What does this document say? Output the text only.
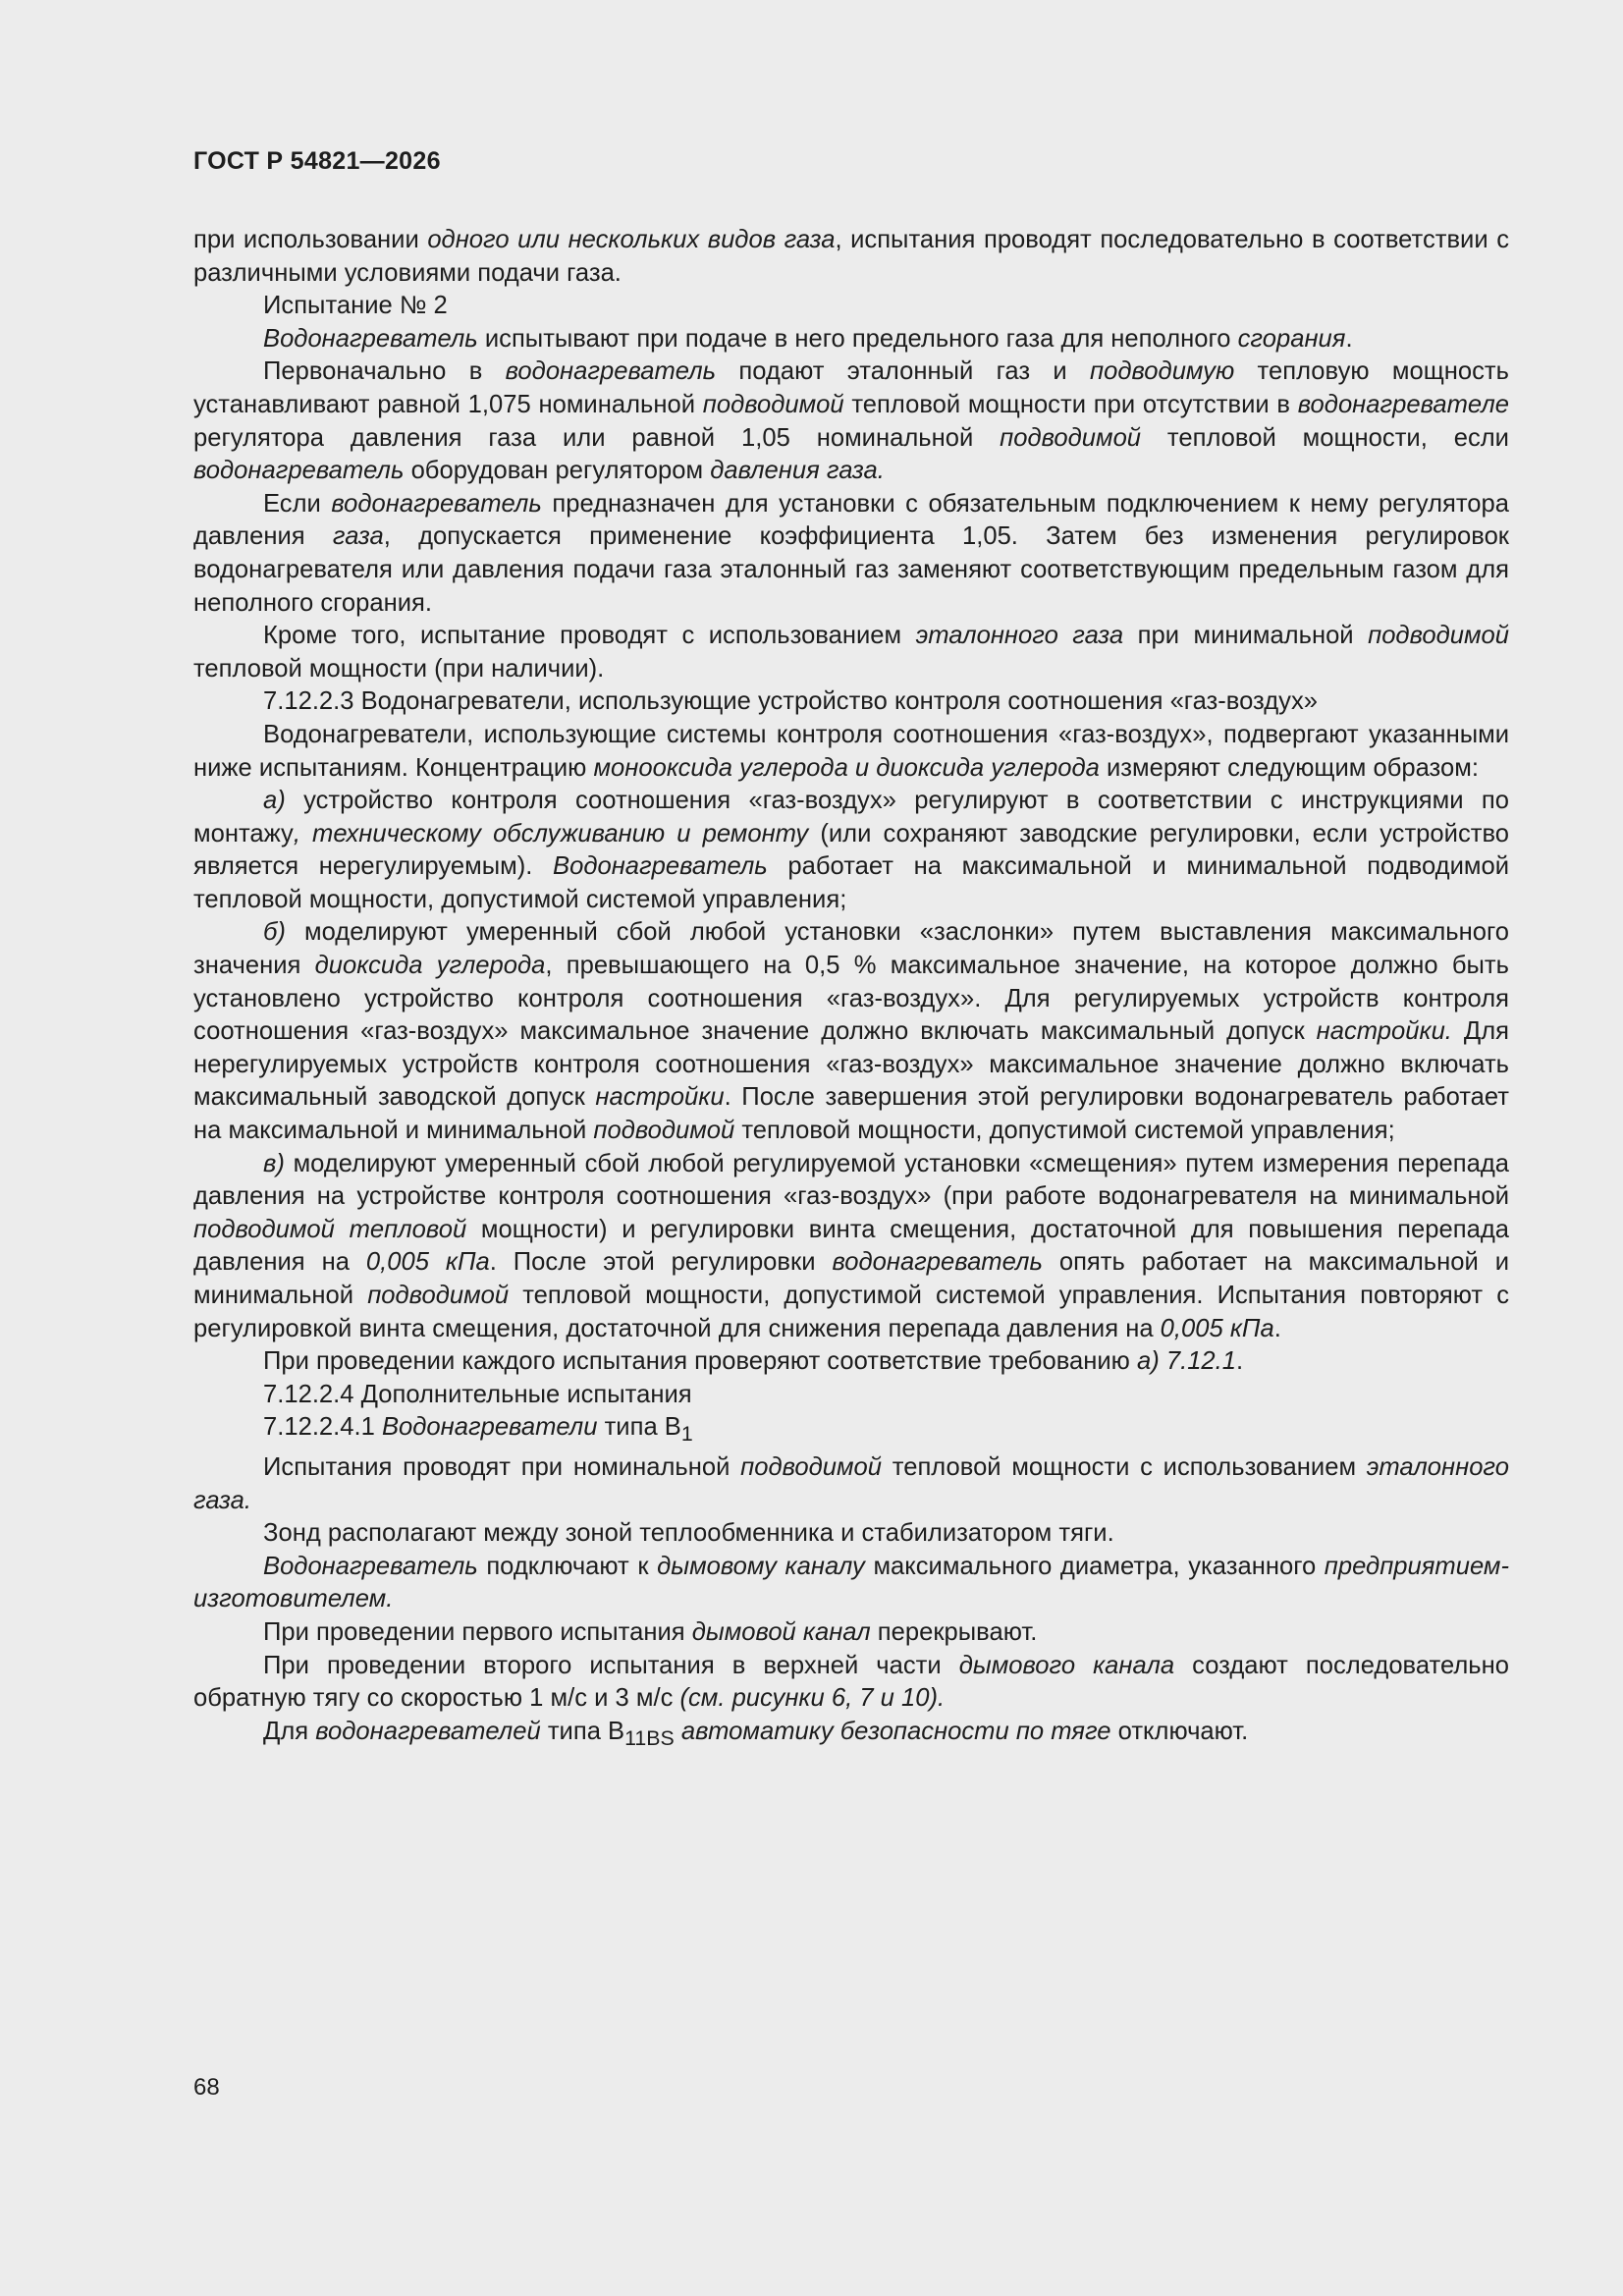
ГОСТ Р 54821—2026

при использовании одного или нескольких видов газа, испытания проводят последовательно в соответствии с различными условиями подачи газа.

Испытание № 2

Водонагреватель испытывают при подаче в него предельного газа для неполного сгорания.

Первоначально в водонагреватель подают эталонный газ и подводимую тепловую мощность устанавливают равной 1,075 номинальной подводимой тепловой мощности при отсутствии в водонагревателе регулятора давления газа или равной 1,05 номинальной подводимой тепловой мощности, если водонагреватель оборудован регулятором давления газа.

Если водонагреватель предназначен для установки с обязательным подключением к нему регулятора давления газа, допускается применение коэффициента 1,05. Затем без изменения регулировок водонагревателя или давления подачи газа эталонный газ заменяют соответствующим предельным газом для неполного сгорания.

Кроме того, испытание проводят с использованием эталонного газа при минимальной подводимой тепловой мощности (при наличии).

7.12.2.3 Водонагреватели, использующие устройство контроля соотношения «газ-воздух»

Водонагреватели, использующие системы контроля соотношения «газ-воздух», подвергают указанными ниже испытаниям. Концентрацию монооксида углерода и диоксида углерода измеряют следующим образом:

а) устройство контроля соотношения «газ-воздух» регулируют в соответствии с инструкциями по монтажу, техническому обслуживанию и ремонту (или сохраняют заводские регулировки, если устройство является нерегулируемым). Водонагреватель работает на максимальной и минимальной подводимой тепловой мощности, допустимой системой управления;

б) моделируют умеренный сбой любой установки «заслонки» путем выставления максимального значения диоксида углерода, превышающего на 0,5 % максимальное значение, на которое должно быть установлено устройство контроля соотношения «газ-воздух». Для регулируемых устройств контроля соотношения «газ-воздух» максимальное значение должно включать максимальный допуск настройки. Для нерегулируемых устройств контроля соотношения «газ-воздух» максимальное значение должно включать максимальный заводской допуск настройки. После завершения этой регулировки водонагреватель работает на максимальной и минимальной подводимой тепловой мощности, допустимой системой управления;

в) моделируют умеренный сбой любой регулируемой установки «смещения» путем измерения перепада давления на устройстве контроля соотношения «газ-воздух» (при работе водонагревателя на минимальной подводимой тепловой мощности) и регулировки винта смещения, достаточной для повышения перепада давления на 0,005 кПа. После этой регулировки водонагреватель опять работает на максимальной и минимальной подводимой тепловой мощности, допустимой системой управления. Испытания повторяют с регулировкой винта смещения, достаточной для снижения перепада давления на 0,005 кПа.

При проведении каждого испытания проверяют соответствие требованию а) 7.12.1.

7.12.2.4 Дополнительные испытания

7.12.2.4.1 Водонагреватели типа $В_1$

Испытания проводят при номинальной подводимой тепловой мощности с использованием эталонного газа.

Зонд располагают между зоной теплообменника и стабилизатором тяги.

Водонагреватель подключают к дымовому каналу максимального диаметра, указанного предприятием-изготовителем.

При проведении первого испытания дымовой канал перекрывают.

При проведении второго испытания в верхней части дымового канала создают последовательно обратную тягу со скоростью 1 м/с и 3 м/с (см. рисунки 6, 7 и 10).

Для водонагревателей типа $В_{11BS}$ автоматику безопасности по тяге отключают.

68
